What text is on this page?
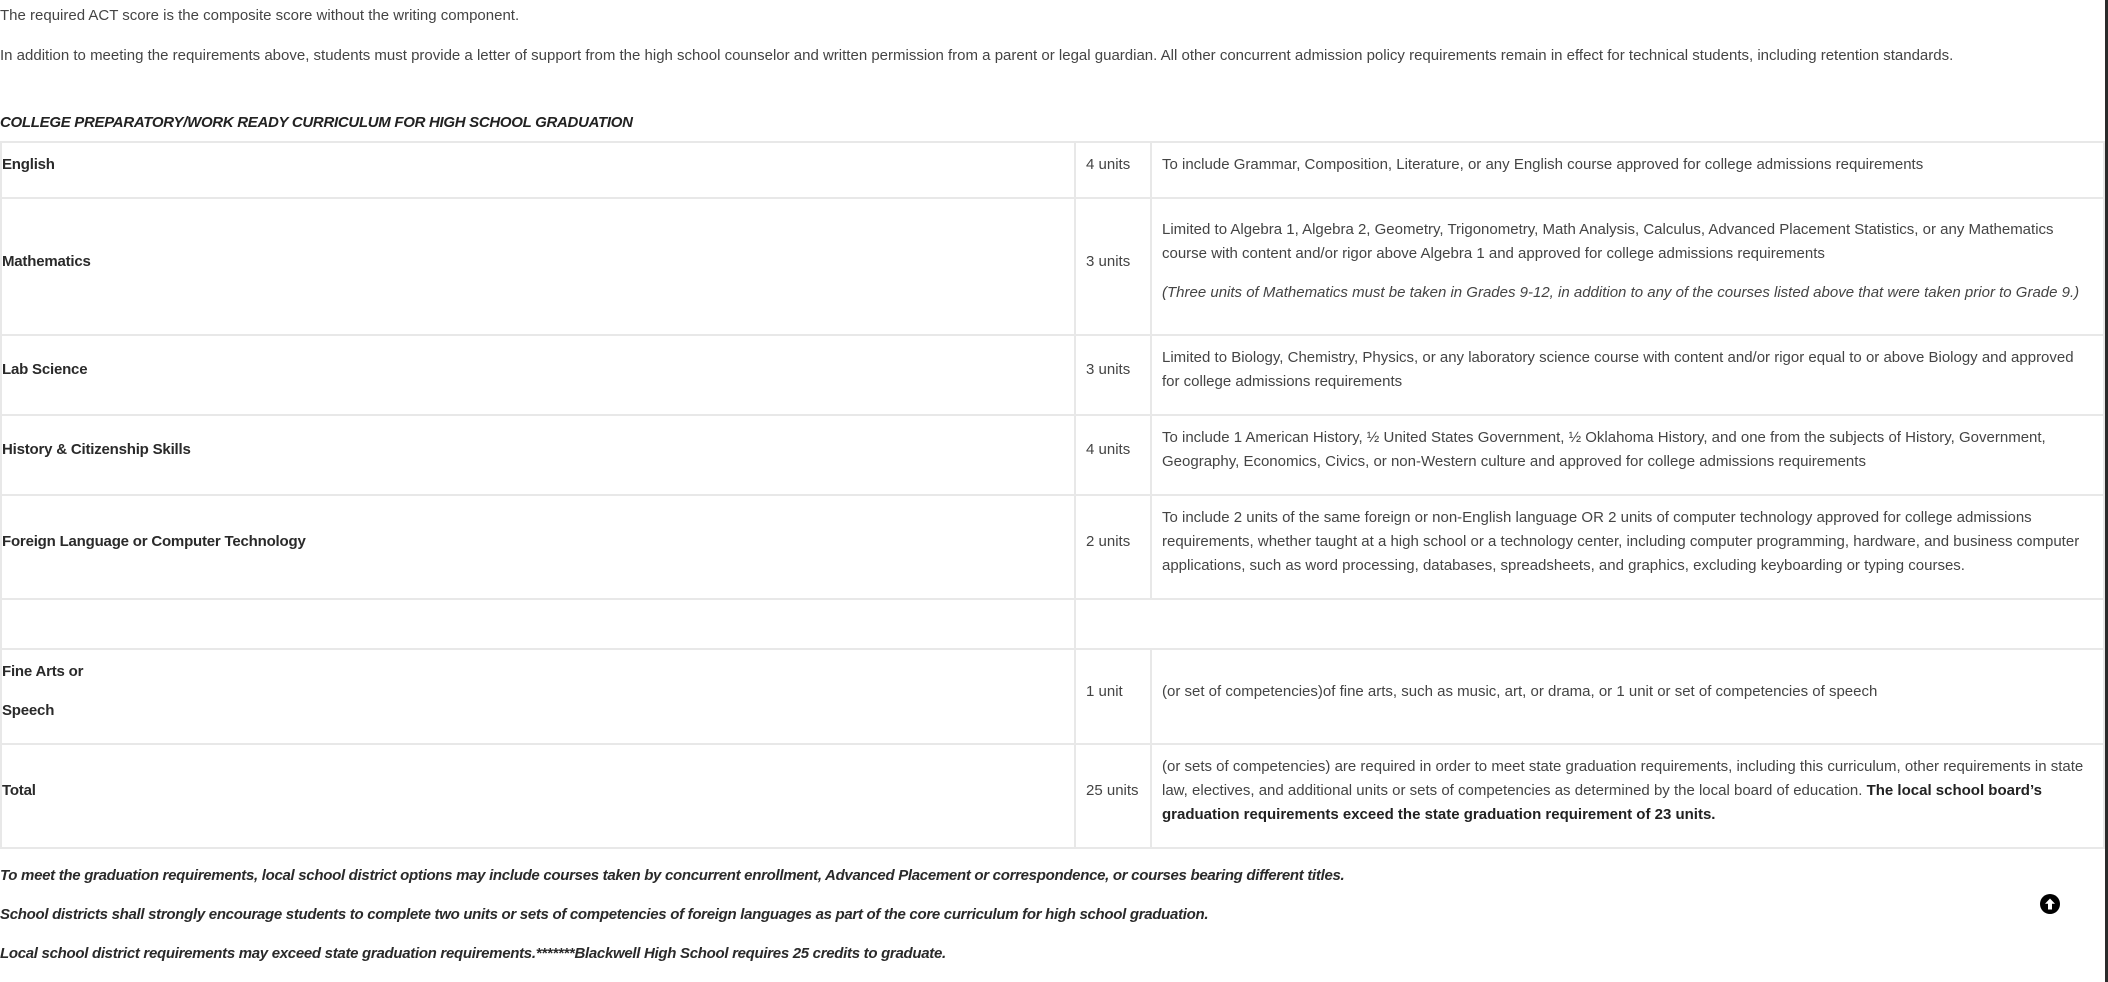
The required ACT score is the composite score without the writing component.

In addition to meeting the requirements above, students must provide a letter of support from the high school counselor and written permission from a parent or legal guardian. All other concurrent admission policy requirements remain in effect for technical students, including retention standards.

COLLEGE PREPARATORY/WORK READY CURRICULUM FOR HIGH SCHOOL GRADUATION

English	4 units	To include Grammar, Composition, Literature, or any English course approved for college admissions requirements

Mathematics	3 units	Limited to Algebra 1, Algebra 2, Geometry, Trigonometry, Math Analysis, Calculus, Advanced Placement Statistics, or any Mathematics course with content and/or rigor above Algebra 1 and approved for college admissions requirements

(Three units of Mathematics must be taken in Grades 9-12, in addition to any of the courses listed above that were taken prior to Grade 9.)

Lab Science	3 units	Limited to Biology, Chemistry, Physics, or any laboratory science course with content and/or rigor equal to or above Biology and approved for college admissions requirements

History & Citizenship Skills	4 units	To include 1 American History, ½ United States Government, ½ Oklahoma History, and one from the subjects of History, Government, Geography, Economics, Civics, or non-Western culture and approved for college admissions requirements

Foreign Language or Computer Technology	2 units	To include 2 units of the same foreign or non-English language OR 2 units of computer technology approved for college admissions requirements, whether taught at a high school or a technology center, including computer programming, hardware, and business computer applications, such as word processing, databases, spreadsheets, and graphics, excluding keyboarding or typing courses.

Fine Arts or
Speech	1 unit	(or set of competencies)of fine arts, such as music, art, or drama, or 1 unit or set of competencies of speech

Total	25 units	(or sets of competencies) are required in order to meet state graduation requirements, including this curriculum, other requirements in state law, electives, and additional units or sets of competencies as determined by the local board of education. The local school board’s graduation requirements exceed the state graduation requirement of 23 units.

To meet the graduation requirements, local school district options may include courses taken by concurrent enrollment, Advanced Placement or correspondence, or courses bearing different titles.

School districts shall strongly encourage students to complete two units or sets of competencies of foreign languages as part of the core curriculum for high school graduation.

Local school district requirements may exceed state graduation requirements.*******Blackwell High School requires 25 credits to graduate.
